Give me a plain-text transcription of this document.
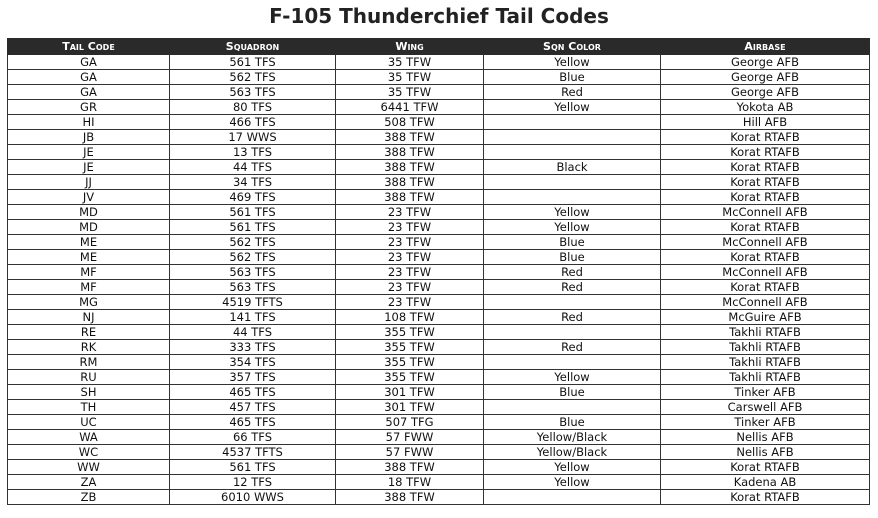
F-105 Thunderchief Tail Codes
Tail Code	Squadron	Wing	Sqn Color	Airbase
GA	561 TFS	35 TFW	Yellow	George AFB
GA	562 TFS	35 TFW	Blue	George AFB
GA	563 TFS	35 TFW	Red	George AFB
GR	80 TFS	6441 TFW	Yellow	Yokota AB
HI	466 TFS	508 TFW		Hill AFB
JB	17 WWS	388 TFW		Korat RTAFB
JE	13 TFS	388 TFW		Korat RTAFB
JE	44 TFS	388 TFW	Black	Korat RTAFB
JJ	34 TFS	388 TFW		Korat RTAFB
JV	469 TFS	388 TFW		Korat RTAFB
MD	561 TFS	23 TFW	Yellow	McConnell AFB
MD	561 TFS	23 TFW	Yellow	Korat RTAFB
ME	562 TFS	23 TFW	Blue	McConnell AFB
ME	562 TFS	23 TFW	Blue	Korat RTAFB
MF	563 TFS	23 TFW	Red	McConnell AFB
MF	563 TFS	23 TFW	Red	Korat RTAFB
MG	4519 TFTS	23 TFW		McConnell AFB
NJ	141 TFS	108 TFW	Red	McGuire AFB
RE	44 TFS	355 TFW		Takhli RTAFB
RK	333 TFS	355 TFW	Red	Takhli RTAFB
RM	354 TFS	355 TFW		Takhli RTAFB
RU	357 TFS	355 TFW	Yellow	Takhli RTAFB
SH	465 TFS	301 TFW	Blue	Tinker AFB
TH	457 TFS	301 TFW		Carswell AFB
UC	465 TFS	507 TFG	Blue	Tinker AFB
WA	66 TFS	57 FWW	Yellow/Black	Nellis AFB
WC	4537 TFTS	57 FWW	Yellow/Black	Nellis AFB
WW	561 TFS	388 TFW	Yellow	Korat RTAFB
ZA	12 TFS	18 TFW	Yellow	Kadena AB
ZB	6010 WWS	388 TFW		Korat RTAFB
